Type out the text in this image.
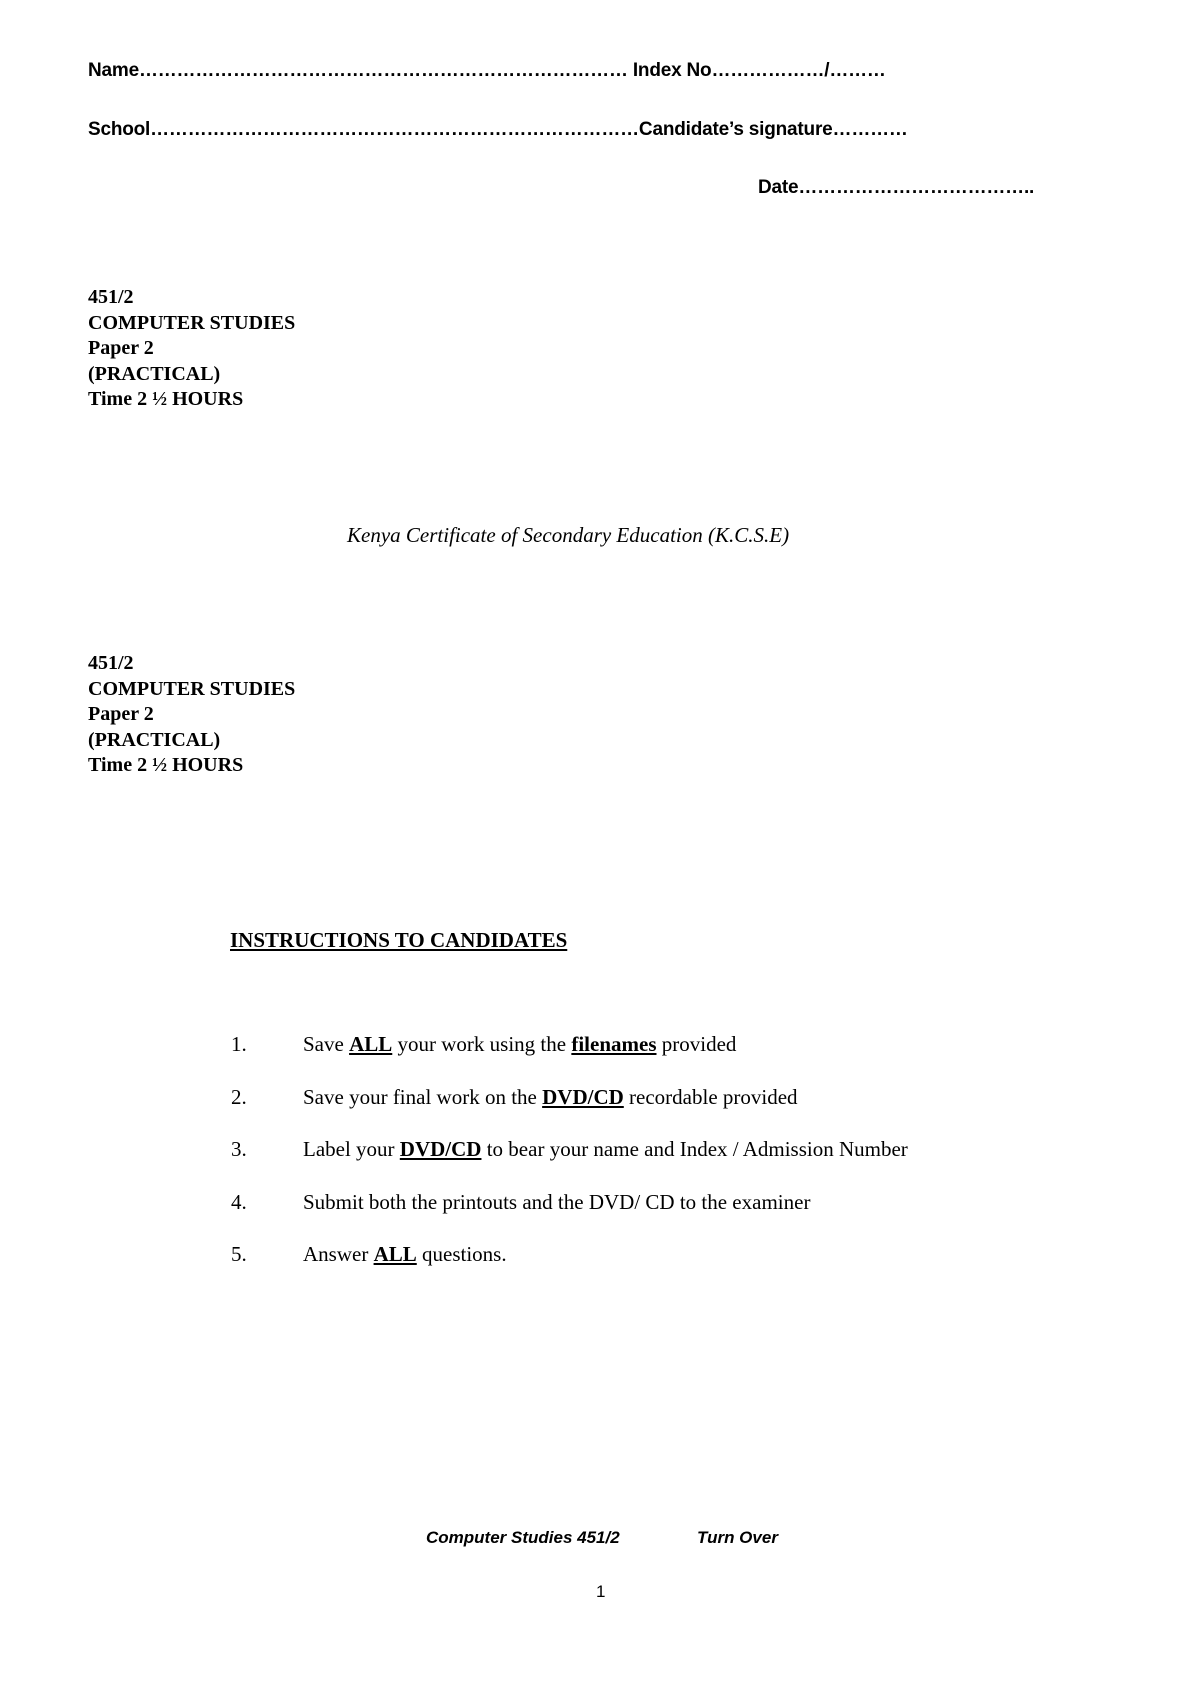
Name…………………………………………………………………… Index No………………/………
School……………………………………………………………………Candidate’s signature…………
Date………………………………..
451/2
COMPUTER STUDIES
Paper 2
(PRACTICAL)
Time 2 ½ HOURS
Kenya Certificate of Secondary Education (K.C.S.E)
451/2
COMPUTER STUDIES
Paper 2
(PRACTICAL)
Time 2 ½ HOURS
INSTRUCTIONS TO CANDIDATES
1.	Save ALL your work using the filenames provided
2.	Save your final work on the DVD/CD recordable provided
3.	Label your DVD/CD to bear your name and Index / Admission Number
4.	Submit both the printouts and the DVD/ CD to the examiner
5.	Answer ALL questions.
Computer Studies 451/2	Turn Over
1
